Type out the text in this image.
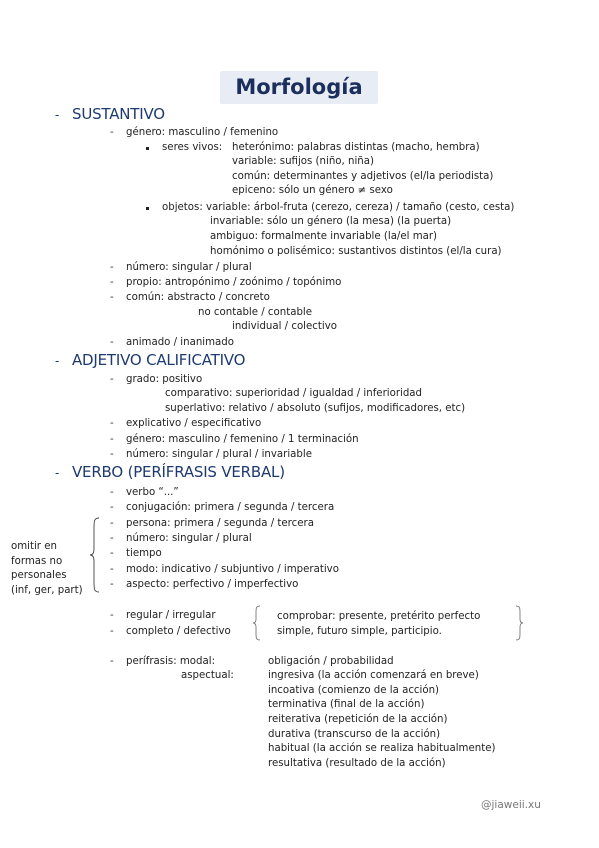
Morfología
- SUSTANTIVO
- género: masculino / femenino
seres vivos: heterónimo: palabras distintas (macho, hembra)
variable: sufijos (niño, niña)
común: determinantes y adjetivos (el/la periodista)
epiceno: sólo un género ≠ sexo
objetos: variable: árbol-fruta (cerezo, cereza) / tamaño (cesto, cesta)
invariable: sólo un género (la mesa) (la puerta)
ambiguo: formalmente invariable (la/el mar)
homónimo o polisémico: sustantivos distintos (el/la cura)
- número: singular / plural
- propio: antropónimo / zoónimo / topónimo
- común: abstracto / concreto
no contable / contable
individual / colectivo
- animado / inanimado
- ADJETIVO CALIFICATIVO
- grado: positivo
comparativo: superioridad / igualdad / inferioridad
superlativo: relativo / absoluto (sufijos, modificadores, etc)
- explicativo / especificativo
- género: masculino / femenino / 1 terminación
- número: singular / plural / invariable
- VERBO (PERÍFRASIS VERBAL)
- verbo “...”
- conjugación: primera / segunda / tercera
- persona: primera / segunda / tercera
- número: singular / plural
- tiempo
- modo: indicativo / subjuntivo / imperativo
- aspecto: perfectivo / imperfectivo
omitir en
formas no
personales
(inf, ger, part)
- regular / irregular
- completo / defectivo
comprobar: presente, pretérito perfecto
simple, futuro simple, participio.
- perífrasis: modal:
aspectual:
obligación / probabilidad
ingresiva (la acción comenzará en breve)
incoativa (comienzo de la acción)
terminativa (final de la acción)
reiterativa (repetición de la acción)
durativa (transcurso de la acción)
habitual (la acción se realiza habitualmente)
resultativa (resultado de la acción)
@jiaweii.xu
